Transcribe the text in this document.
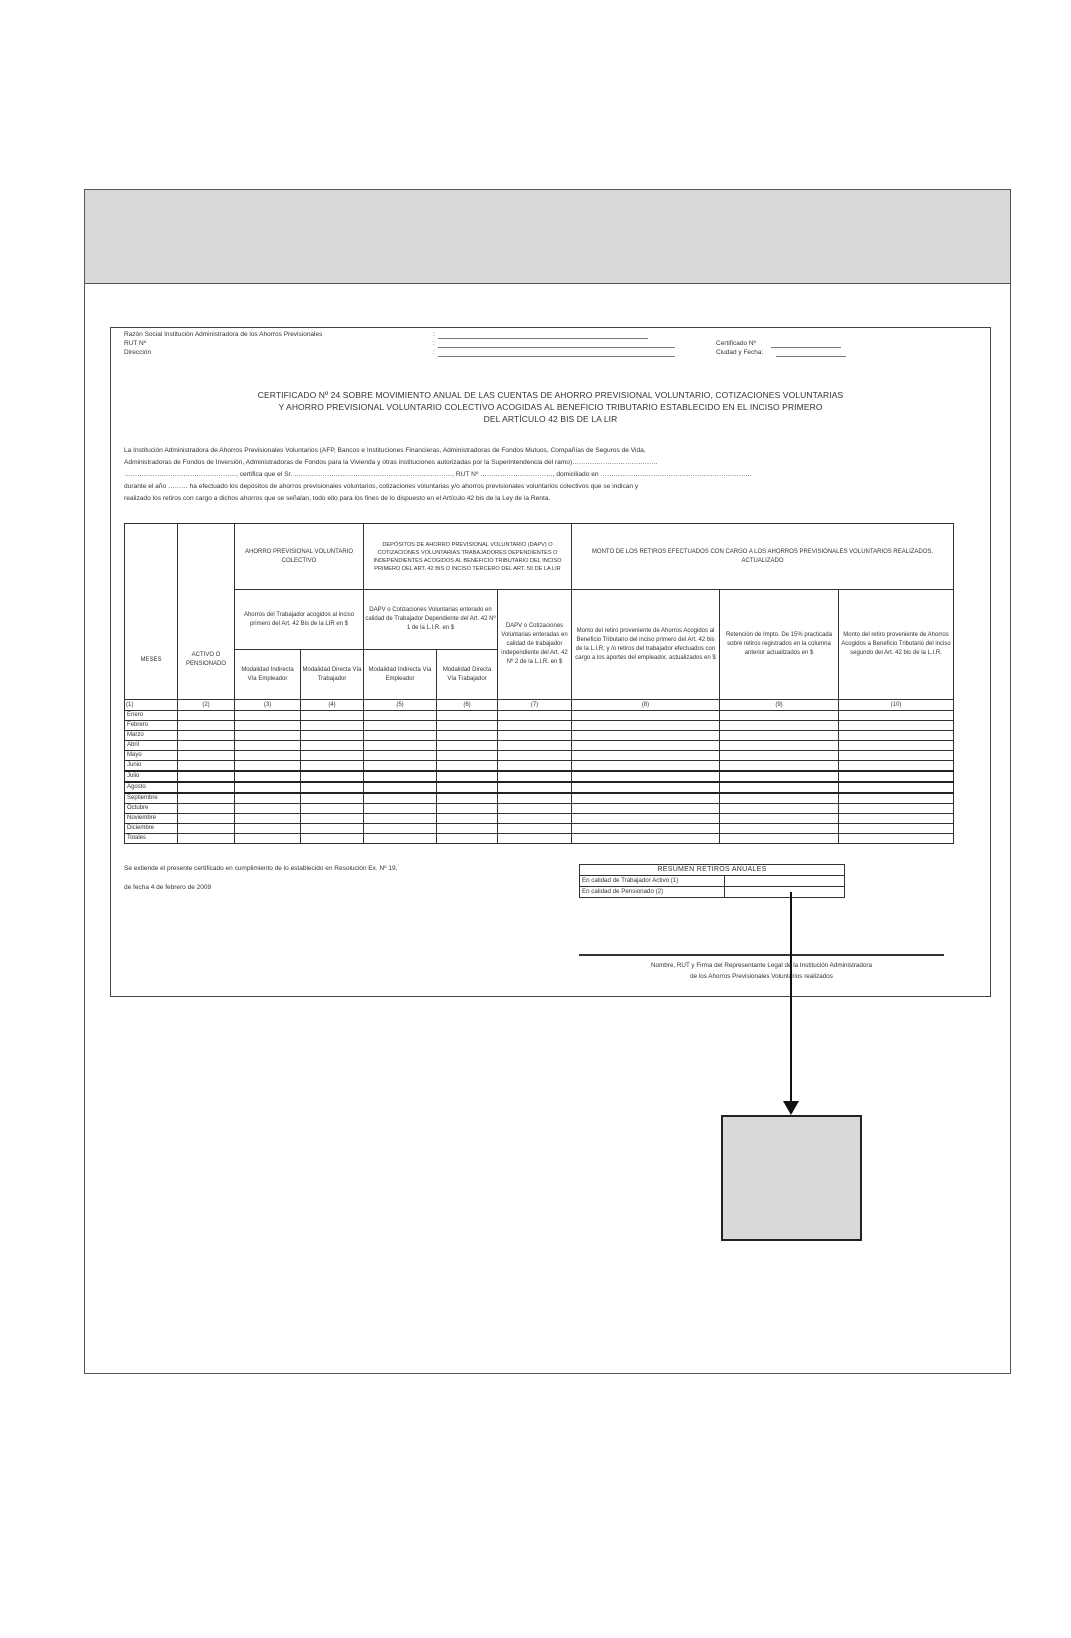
Razón Social Institución Administradora de los Ahorros Previsionales
RUT Nº
Dirección
:
:
:
Certificado Nº
Ciudad y Fecha:
CERTIFICADO Nº 24 SOBRE MOVIMIENTO ANUAL DE LAS CUENTAS DE AHORRO PREVISIONAL VOLUNTARIO, COTIZACIONES VOLUNTARIAS
Y AHORRO PREVISIONAL VOLUNTARIO COLECTIVO ACOGIDAS AL BENEFICIO TRIBUTARIO ESTABLECIDO EN EL INCISO PRIMERO
DEL ARTÍCULO 42 BIS DE LA LIR
La Institución Administradora de Ahorros Previsionales Voluntarios (AFP, Bancos e Instituciones Financieras, Administradoras de Fondos Mutuos, Compañías de Seguros de Vida,
Administradoras de Fondos de Inversión, Administradoras de Fondos para la Vivienda y otras instituciones autorizadas por la Superintendencia del ramo)…………………………………
……………………………………………, certifica que el Sr. ………………………………………………………………, RUT Nº ……………………………, domiciliado en ……………………………………………………………
durante el año ……… ha efectuado los depósitos de ahorros previsionales voluntarios, cotizaciones voluntarias y/o ahorros previsionales voluntarios colectivos que se indican y
realizado los retiros con cargo a dichos ahorros que se señalan, todo ello para los fines de lo dispuesto en el Artículo 42 bis de la Ley de la Renta.
MESES	ACTIVO O PENSIONADO	AHORRO PREVISIONAL VOLUNTARIO COLECTIVO		DEPÓSITOS DE AHORRO PREVISIONAL VOLUNTARIO (DAPV) O COTIZACIONES VOLUNTARIAS TRABAJADORES DEPENDIENTES O INDEPENDIENTES ACOGIDOS AL BENEFICIO TRIBUTARIO DEL INCISO PRIMERO DEL ART. 42 BIS O INCISO TERCERO DEL ART. 50 DE LA LIR			MONTO DE LOS RETIROS EFECTUADOS CON CARGO A LOS AHORROS PREVISIONALES VOLUNTARIOS REALIZADOS, ACTUALIZADO		
		Ahorros del Trabajador acogidos al inciso primero del Art. 42 Bis de la LIR en $		DAPV o Cotizaciones Voluntarias enterado en calidad de Trabajador Dependiente del Art. 42 Nº 1 de la L.I.R. en $		DAPV o Cotizaciones Voluntarias enteradas en calidad de trabajador independiente del Art. 42 Nº 2 de la L.I.R. en $	Monto del retiro proveniente de Ahorros Acogidos al Beneficio Tributario del inciso primero del Art. 42 bis de la L.I.R. y /o retiros del trabajador efectuados con cargo a los aportes del empleador, actualizados en $	Retención de Impto. De 15% practicada sobre retiros registrados en la columna anterior actualizados en $	Monto del retiro proveniente de Ahorros Acogidos a Beneficio Tributario del inciso segundo del Art. 42 bis de la L.I.R.
		Modalidad Indirecta Vía Empleador	Modalidad Directa Vía Trabajador	Modalidad Indirecta Vía Empleador	Modalidad Directa Vía Trabajador				
(1)	(2)	(3)	(4)	(5)	(6)	(7)	(8)	(9)	(10)
Enero									
Febrero									
Marzo									
Abril									
Mayo									
Junio									
Julio									
Agosto									
Septiembre									
Octubre									
Noviembre									
Diciembre									
Totales									
Se extiende el presente certificado en cumplimiento de lo establecido en Resolución Ex. Nº 19,
de fecha 4 de febrero de 2009
RESUMEN RETIROS ANUALES	
En calidad de Trabajador Activo (1)	
En calidad de Pensionado (2)	
Nombre, RUT y Firma del Representante Legal de la Institución Administradora
de los Ahorros Previsionales Voluntarios realizados
